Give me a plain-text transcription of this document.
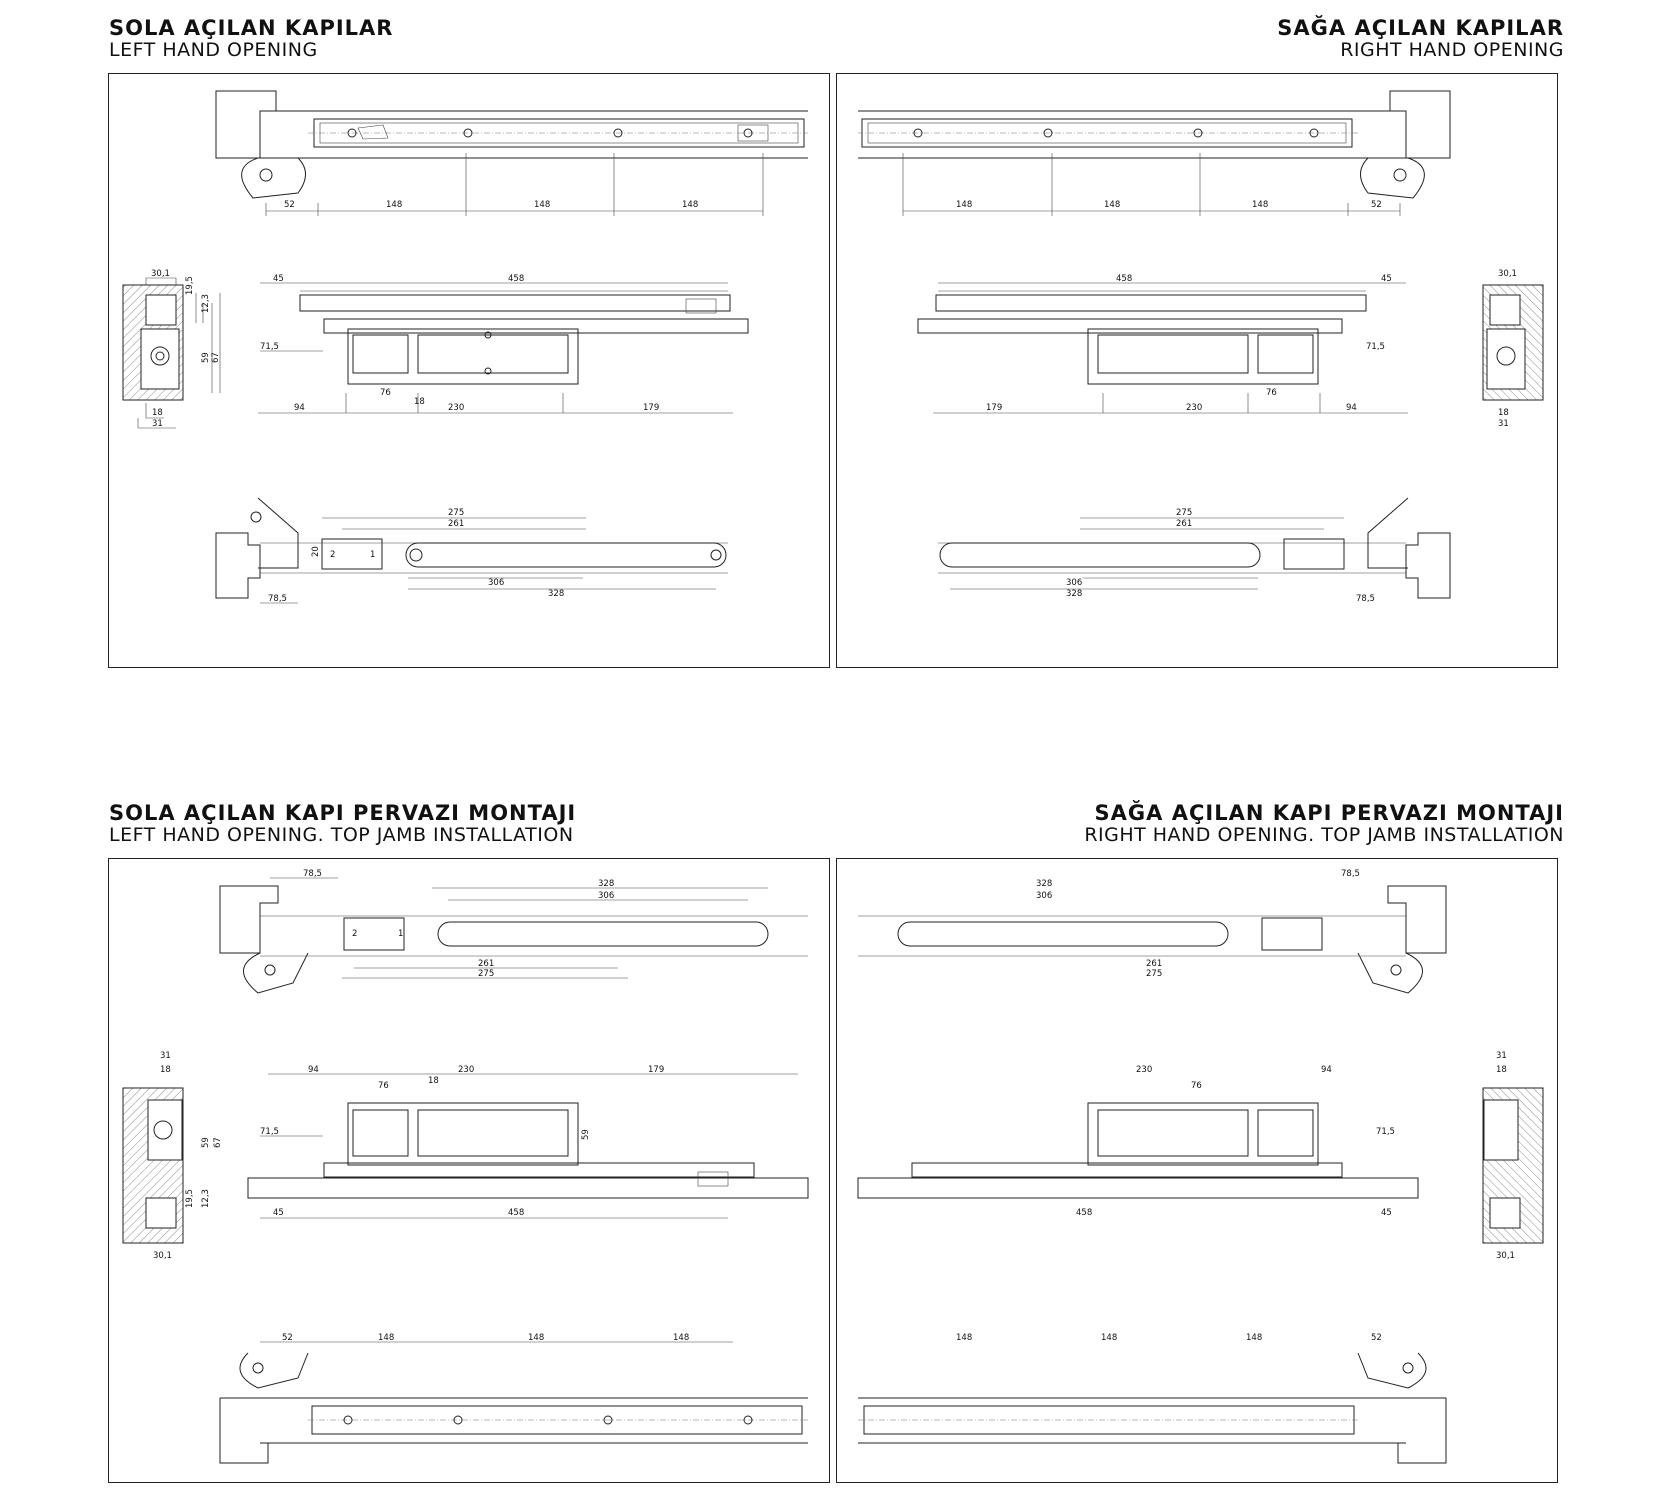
SOLA AÇILAN KAPILAR
LEFT HAND OPENING
SAĞA AÇILAN KAPILAR
RIGHT HAND OPENING
SOLA AÇILAN KAPI PERVAZI MONTAJI
LEFT HAND OPENING. TOP JAMB INSTALLATION
SAĞA AÇILAN KAPI PERVAZI MONTAJI
RIGHT HAND OPENING. TOP JAMB INSTALLATION
52	148	148	148
30,1
19,5
12,3
59 67
18
31
45	458
71,5
94
76
18
230	179
2	1
275
261
306
328
78,5
20
148	148	148	52
458	45
71,5
179	230
76
94
30,1
18
31
275
261
306
328	78,5
78,5
328
306
261
275
2	1
31
18
59 67
12,3
19,5
30,1
94
76	18
230	179
59
71,5
45	458
52	148	148	148
78,5
328
306
261
275
230
76
94
71,5
458	45
148	148	148	52
31
18
30,1
